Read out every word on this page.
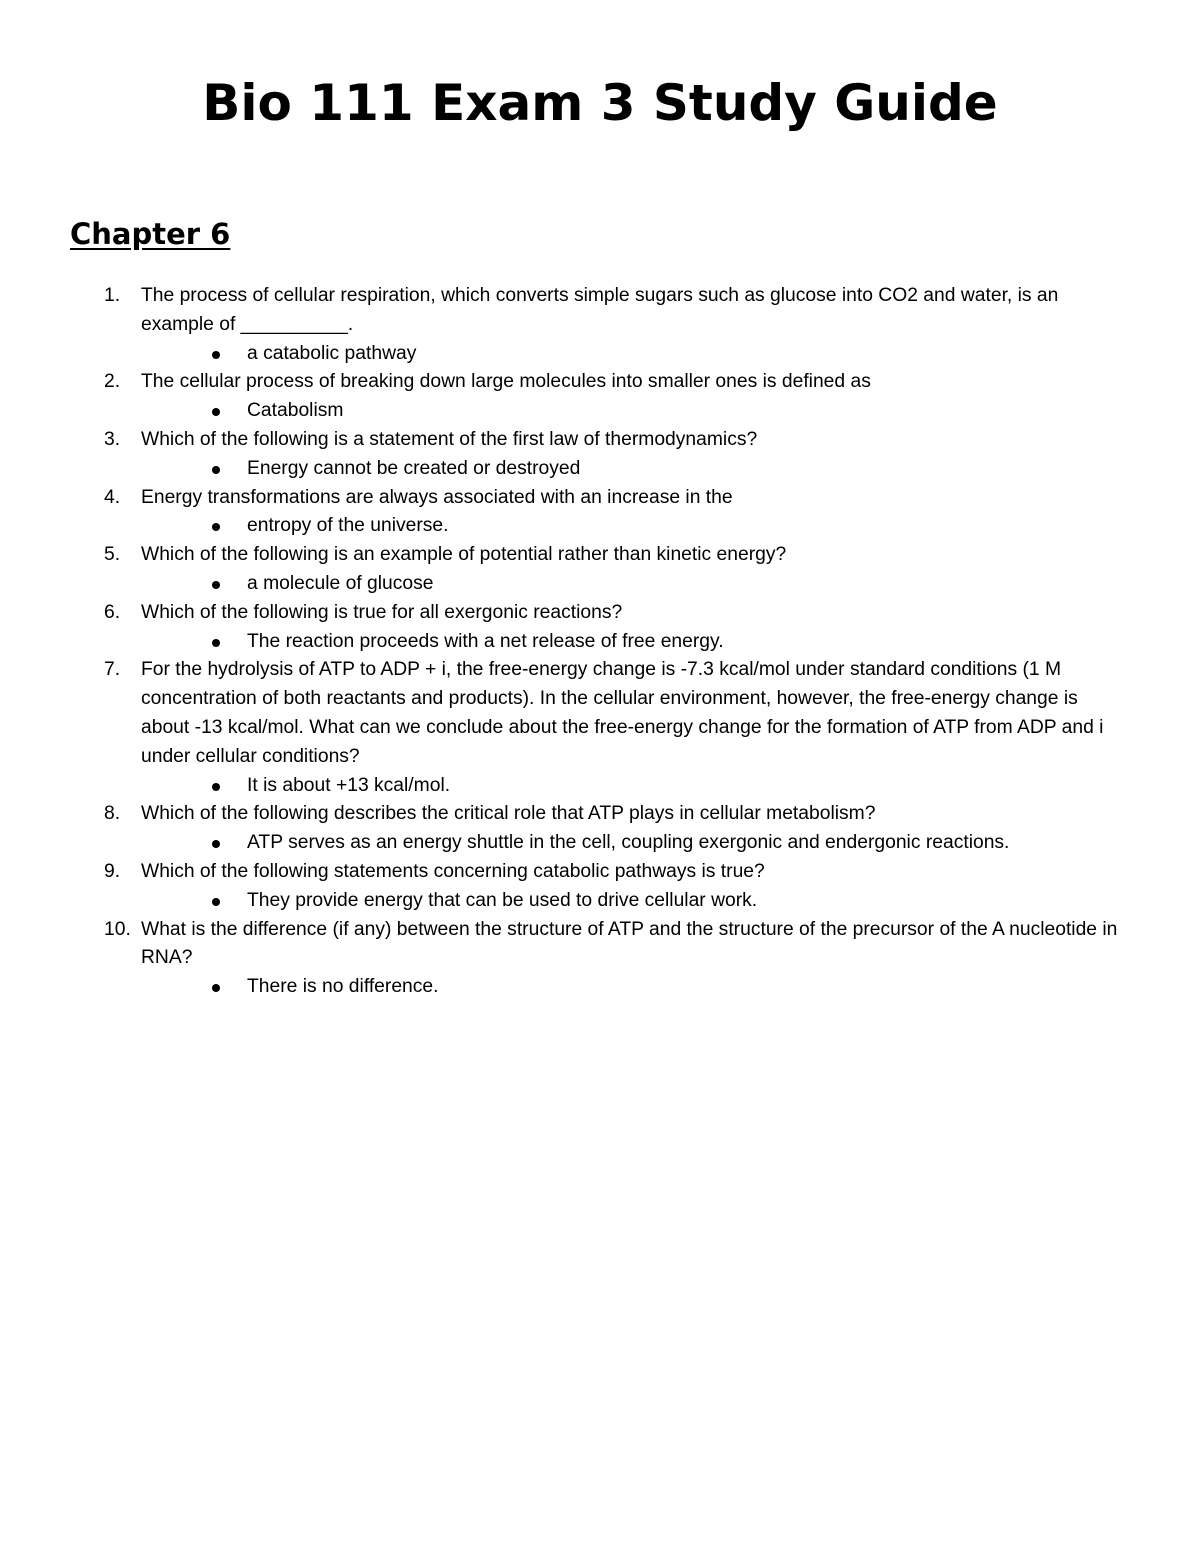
Bio 111 Exam 3 Study Guide
Chapter 6
1.	The process of cellular respiration, which converts simple sugars such as glucose into CO2 and water, is an example of __________.
a catabolic pathway
2.	The cellular process of breaking down large molecules into smaller ones is defined as
Catabolism
3.	Which of the following is a statement of the first law of thermodynamics?
Energy cannot be created or destroyed
4.	Energy transformations are always associated with an increase in the
entropy of the universe.
5.	Which of the following is an example of potential rather than kinetic energy?
a molecule of glucose
6.	Which of the following is true for all exergonic reactions?
The reaction proceeds with a net release of free energy.
7.	For the hydrolysis of ATP to ADP + i, the free-energy change is -7.3 kcal/mol under standard conditions (1 M concentration of both reactants and products). In the cellular environment, however, the free-energy change is about -13 kcal/mol. What can we conclude about the free-energy change for the formation of ATP from ADP and i under cellular conditions?
It is about +13 kcal/mol.
8.	Which of the following describes the critical role that ATP plays in cellular metabolism?
ATP serves as an energy shuttle in the cell, coupling exergonic and endergonic reactions.
9.	Which of the following statements concerning catabolic pathways is true?
They provide energy that can be used to drive cellular work.
10. What is the difference (if any) between the structure of ATP and the structure of the precursor of the A nucleotide in RNA?
There is no difference.
